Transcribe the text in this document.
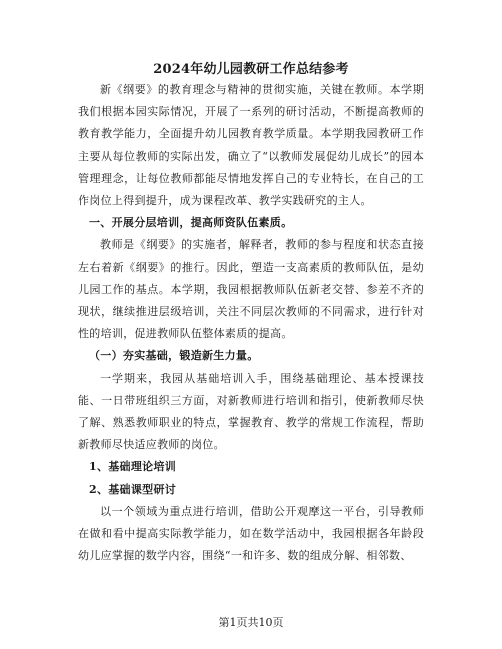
2024年幼儿园教研工作总结参考

新《纲要》的教育理念与精神的贯彻实施，关键在教师。本学期我们根据本园实际情况，开展了一系列的研讨活动，不断提高教师的教育教学能力，全面提升幼儿园教育教学质量。本学期我园教研工作主要从每位教师的实际出发，确立了“以教师发展促幼儿成长”的园本管理理念，让每位教师都能尽情地发挥自己的专业特长，在自己的工作岗位上得到提升，成为课程改革、教学实践研究的主人。

一、开展分层培训，提高师资队伍素质。

教师是《纲要》的实施者，解释者，教师的参与程度和状态直接左右着新《纲要》的推行。因此，塑造一支高素质的教师队伍，是幼儿园工作的基点。本学期，我园根据教师队伍新老交替、参差不齐的现状，继续推进层级培训，关注不同层次教师的不同需求，进行针对性的培训，促进教师队伍整体素质的提高。

（一）夯实基础，锻造新生力量。

一学期来，我园从基础培训入手，围绕基础理论、基本授课技能、一日带班组织三方面，对新教师进行培训和指引，使新教师尽快了解、熟悉教师职业的特点，掌握教育、教学的常规工作流程，帮助新教师尽快适应教师的岗位。

1、基础理论培训

2、基础课型研讨

以一个领域为重点进行培训，借助公开观摩这一平台，引导教师在做和看中提高实际教学能力，如在数学活动中，我园根据各年龄段幼儿应掌握的数学内容，围绕“一和许多、数的组成分解、相邻数、

第1页共10页
